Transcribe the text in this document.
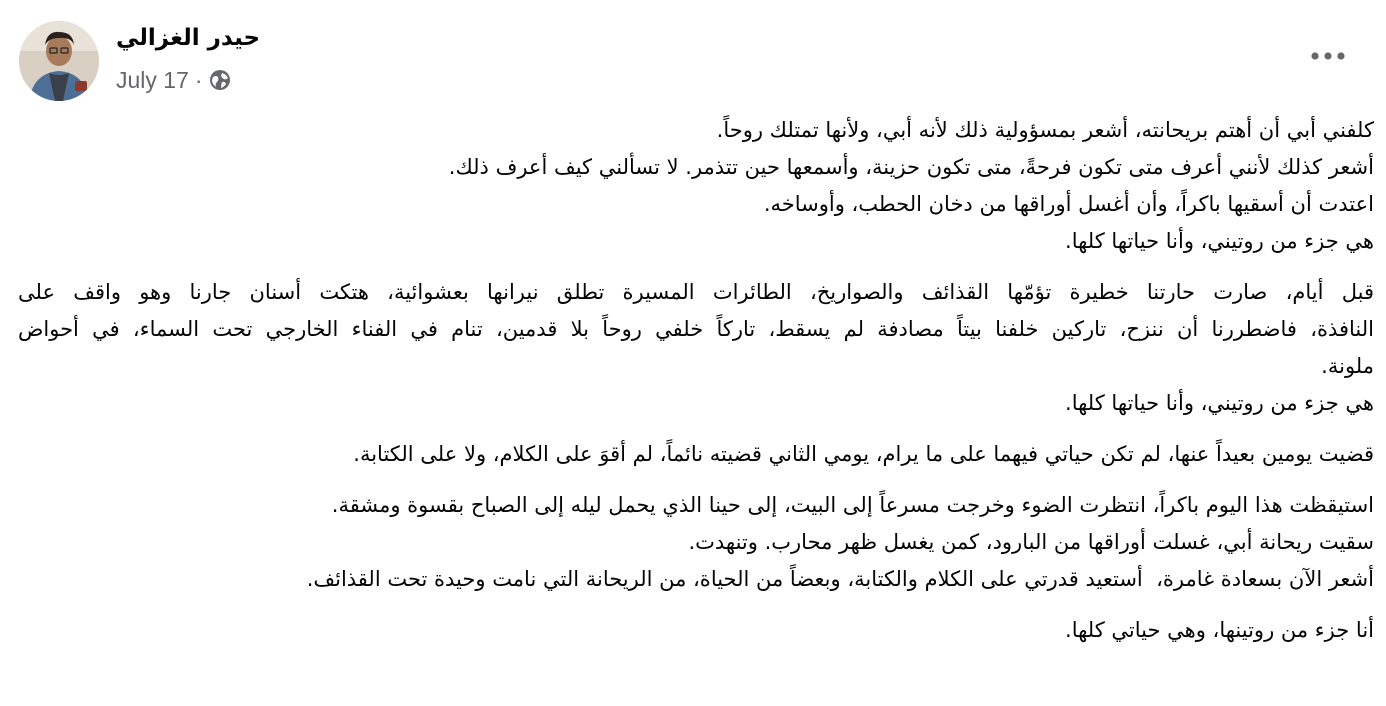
حيدر الغزالي
July 17 ·
كلفني أبي أن أهتم بريحانته، أشعر بمسؤولية ذلك لأنه أبي، ولأنها تمتلك روحاً.
أشعر كذلك لأنني أعرف متى تكون فرحةً، متى تكون حزينة، وأسمعها حين تتذمر. لا تسألني كيف أعرف ذلك.
اعتدت أن أسقيها باكراً، وأن أغسل أوراقها من دخان الحطب، وأوساخه.
هي جزء من روتيني، وأنا حياتها كلها.
قبل أيام، صارت حارتنا خطيرة تؤمّها القذائف والصواريخ، الطائرات المسيرة تطلق نيرانها بعشوائية، هتكت أسنان جارنا وهو واقف على
النافذة، فاضطررنا أن ننزح، تاركين خلفنا بيتاً مصادفة لم يسقط، تاركاً خلفي روحاً بلا قدمين، تنام في الفناء الخارجي تحت السماء، في أحواض
ملونة.
هي جزء من روتيني، وأنا حياتها كلها.
قضيت يومين بعيداً عنها، لم تكن حياتي فيهما على ما يرام، يومي الثاني قضيته نائماً، لم أقوَ على الكلام، ولا على الكتابة.
استيقظت هذا اليوم باكراً، انتظرت الضوء وخرجت مسرعاً إلى البيت، إلى حينا الذي يحمل ليله إلى الصباح بقسوة ومشقة.
سقيت ريحانة أبي، غسلت أوراقها من البارود، كمن يغسل ظهر محارب. وتنهدت.
أشعر الآن بسعادة غامرة،  أستعيد قدرتي على الكلام والكتابة، وبعضاً من الحياة، من الريحانة التي نامت وحيدة تحت القذائف.
أنا جزء من روتينها، وهي حياتي كلها.
